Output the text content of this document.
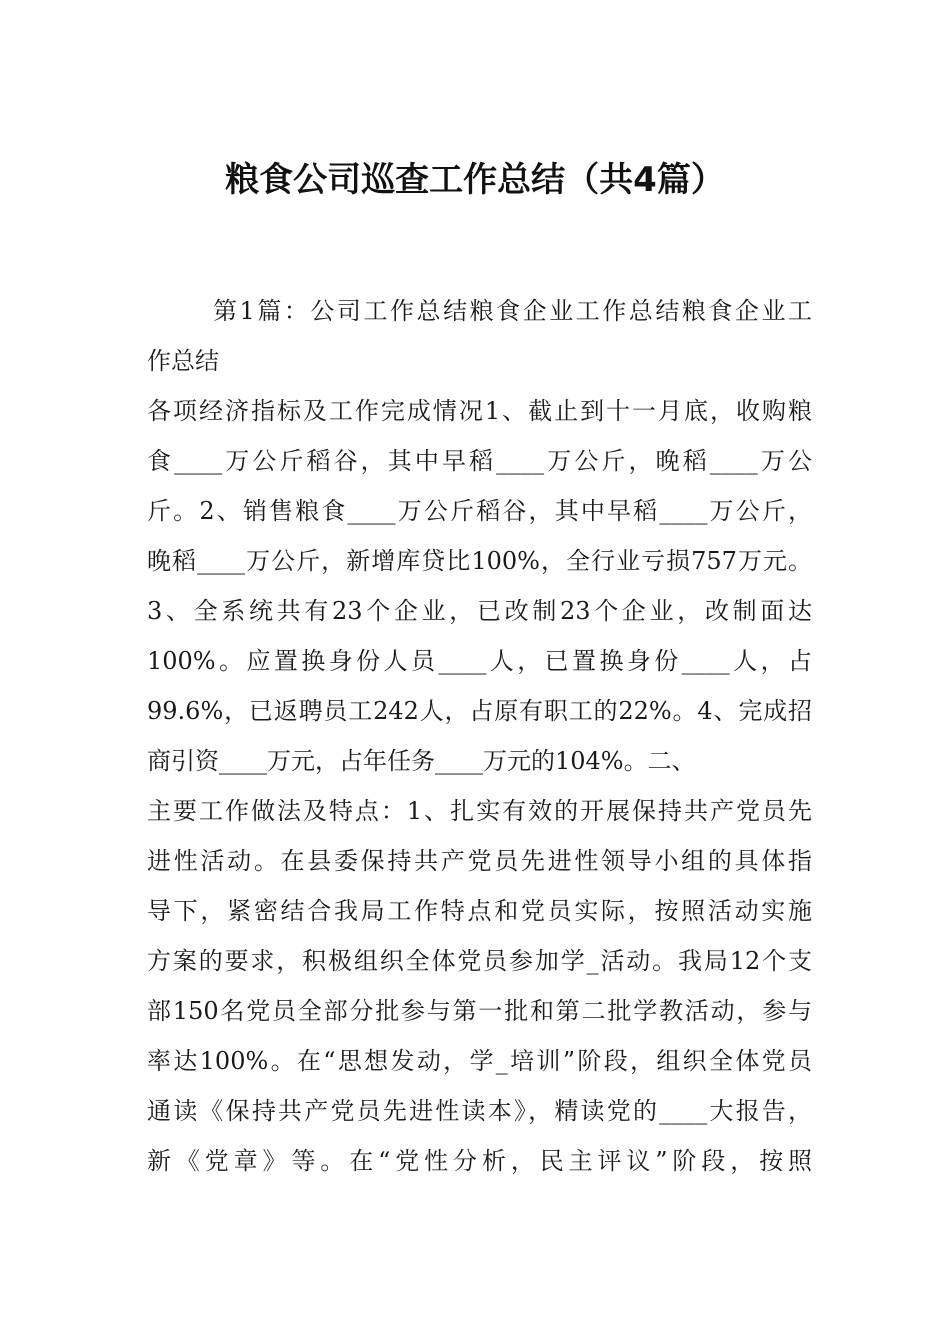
粮食公司巡查工作总结（共4篇）

第1篇：公司工作总结粮食企业工作总结粮食企业工

作总结

各项经济指标及工作完成情况1、截止到十一月底，收购粮

食____万公斤稻谷，其中早稻____万公斤，晚稻____万公

斤。2、销售粮食____万公斤稻谷，其中早稻____万公斤，

晚稻____万公斤，新增库贷比100%，全行业亏损757万元。

3、全系统共有23个企业，已改制23个企业，改制面达

100%。应置换身份人员____人，已置换身份____人，占

99.6%，已返聘员工242人，占原有职工的22%。4、完成招

商引资____万元，占年任务____万元的104%。二、

主要工作做法及特点：1、扎实有效的开展保持共产党员先

进性活动。在县委保持共产党员先进性领导小组的具体指

导下，紧密结合我局工作特点和党员实际，按照活动实施

方案的要求，积极组织全体党员参加学_活动。我局12个支

部150名党员全部分批参与第一批和第二批学教活动，参与

率达100%。在“思想发动，学_培训”阶段，组织全体党员

通读《保持共产党员先进性读本》，精读党的____大报告，

新《党章》等。在“党性分析，民主评议”阶段，按照
